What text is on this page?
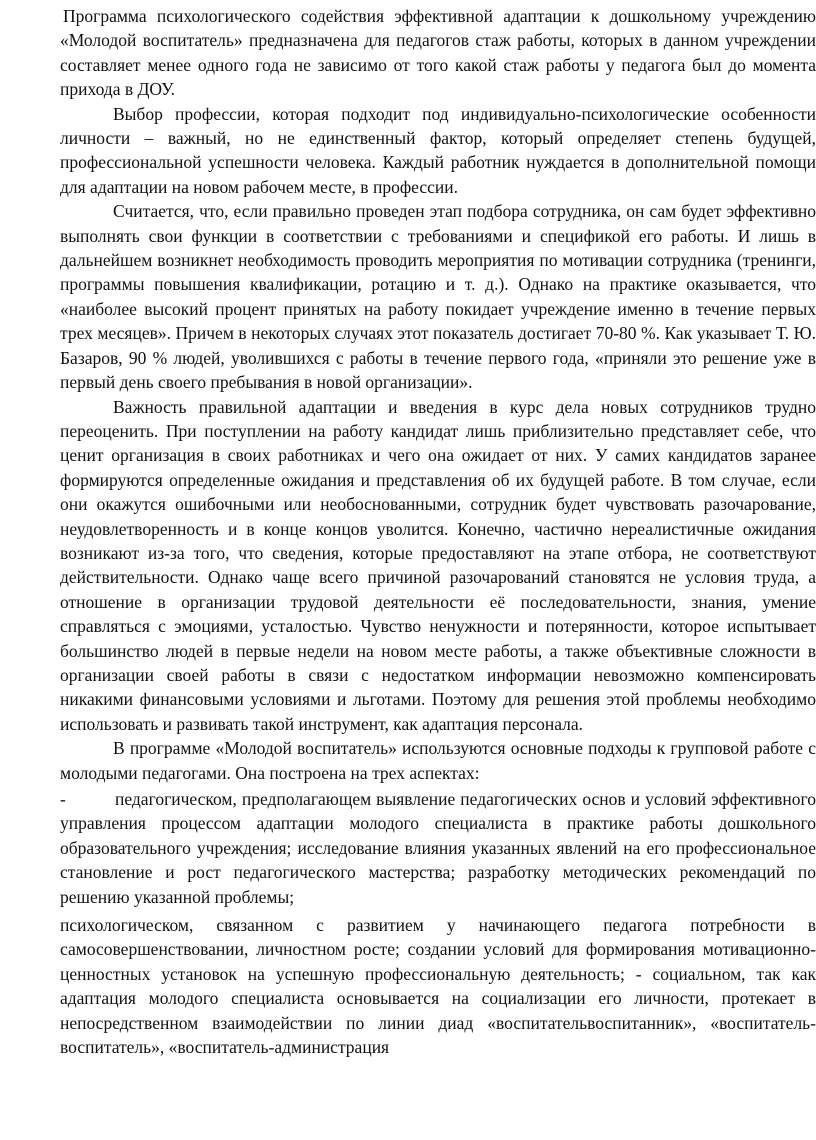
Программа психологического содействия эффективной адаптации к дошкольному учреждению «Молодой воспитатель» предназначена для педагогов стаж работы, которых в данном учреждении составляет менее одного года не зависимо от того какой стаж работы у педагога был до момента прихода в ДОУ.

Выбор профессии, которая подходит под индивидуально-психологические особенности личности – важный, но не единственный фактор, который определяет степень будущей, профессиональной успешности человека. Каждый работник нуждается в дополнительной помощи для адаптации на новом рабочем месте, в профессии.

Считается, что, если правильно проведен этап подбора сотрудника, он сам будет эффективно выполнять свои функции в соответствии с требованиями и спецификой его работы. И лишь в дальнейшем возникнет необходимость проводить мероприятия по мотивации сотрудника (тренинги, программы повышения квалификации, ротацию и т. д.). Однако на практике оказывается, что «наиболее высокий процент принятых на работу покидает учреждение именно в течение первых трех месяцев». Причем в некоторых случаях этот показатель достигает 70-80 %. Как указывает Т. Ю. Базаров, 90 % людей, уволившихся с работы в течение первого года, «приняли это решение уже в первый день своего пребывания в новой организации».

Важность правильной адаптации и введения в курс дела новых сотрудников трудно переоценить. При поступлении на работу кандидат лишь приблизительно представляет себе, что ценит организация в своих работниках и чего она ожидает от них. У самих кандидатов заранее формируются определенные ожидания и представления об их будущей работе. В том случае, если они окажутся ошибочными или необоснованными, сотрудник будет чувствовать разочарование, неудовлетворенность и в конце концов уволится. Конечно, частично нереалистичные ожидания возникают из-за того, что сведения, которые предоставляют на этапе отбора, не соответствуют действительности. Однако чаще всего причиной разочарований становятся не условия труда, а отношение в организации трудовой деятельности её последовательности, знания, умение справляться с эмоциями, усталостью. Чувство ненужности и потерянности, которое испытывает большинство людей в первые недели на новом месте работы, а также объективные сложности в организации своей работы в связи с недостатком информации невозможно компенсировать никакими финансовыми условиями и льготами. Поэтому для решения этой проблемы необходимо использовать и развивать такой инструмент, как адаптация персонала.

В программе «Молодой воспитатель» используются основные подходы к групповой работе с молодыми педагогами. Она построена на трех аспектах:

-	педагогическом, предполагающем выявление педагогических основ и условий эффективного управления процессом адаптации молодого специалиста в практике работы дошкольного образовательного учреждения; исследование влияния указанных явлений на его профессиональное становление и рост педагогического мастерства; разработку методических рекомендаций по решению указанной проблемы;

психологическом, связанном с развитием у начинающего педагога потребности в самосовершенствовании, личностном росте; создании условий для формирования мотивационно-ценностных установок на успешную профессиональную деятельность; - социальном, так как адаптация молодого специалиста основывается на социализации его личности, протекает в непосредственном взаимодействии по линии диад «воспитательвоспитанник», «воспитатель-воспитатель», «воспитатель-администрация
